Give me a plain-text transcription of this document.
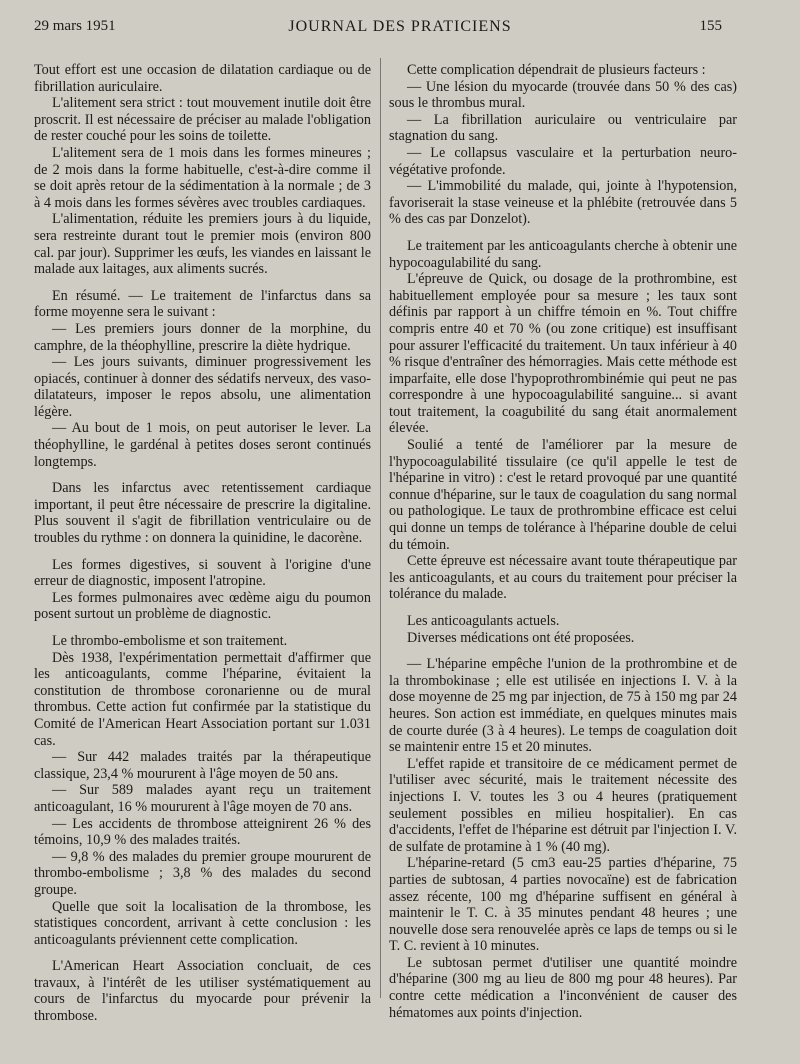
29 mars 1951	JOURNAL DES PRATICIENS	155

Tout effort est une occasion de dilatation cardiaque ou de fibrillation auriculaire.

L'alitement sera strict : tout mouvement inutile doit être proscrit. Il est nécessaire de préciser au malade l'obligation de rester couché pour les soins de toilette.

L'alitement sera de 1 mois dans les formes mineures ; de 2 mois dans la forme habituelle, c'est-à-dire comme il se doit après retour de la sédimentation à la normale ; de 3 à 4 mois dans les formes sévères avec troubles cardiaques.

L'alimentation, réduite les premiers jours à du liquide, sera restreinte durant tout le premier mois (environ 800 cal. par jour). Supprimer les œufs, les viandes en laissant le malade aux laitages, aux aliments sucrés.

En résumé. — Le traitement de l'infarctus dans sa forme moyenne sera le suivant :

— Les premiers jours donner de la morphine, du camphre, de la théophylline, prescrire la diète hydrique.

— Les jours suivants, diminuer progressivement les opiacés, continuer à donner des sédatifs nerveux, des vaso-dilatateurs, imposer le repos absolu, une alimentation légère.

— Au bout de 1 mois, on peut autoriser le lever. La théophylline, le gardénal à petites doses seront continués longtemps.

Dans les infarctus avec retentissement cardiaque important, il peut être nécessaire de prescrire la digitaline. Plus souvent il s'agit de fibrillation ventriculaire ou de troubles du rythme : on donnera la quinidine, le dacorène.

Les formes digestives, si souvent à l'origine d'une erreur de diagnostic, imposent l'atropine.

Les formes pulmonaires avec œdème aigu du poumon posent surtout un problème de diagnostic.

Le thrombo-embolisme et son traitement.

Dès 1938, l'expérimentation permettait d'affirmer que les anticoagulants, comme l'héparine, évitaient la constitution de thrombose coronarienne ou de mural thrombus. Cette action fut confirmée par la statistique du Comité de l'American Heart Association portant sur 1.031 cas.

— Sur 442 malades traités par la thérapeutique classique, 23,4 % moururent à l'âge moyen de 50 ans.

— Sur 589 malades ayant reçu un traitement anticoagulant, 16 % moururent à l'âge moyen de 70 ans.

— Les accidents de thrombose atteignirent 26 % des témoins, 10,9 % des malades traités.

— 9,8 % des malades du premier groupe moururent de thrombo-embolisme ; 3,8 % des malades du second groupe.

Quelle que soit la localisation de la thrombose, les statistiques concordent, arrivant à cette conclusion : les anticoagulants préviennent cette complication.

L'American Heart Association concluait, de ces travaux, à l'intérêt de les utiliser systématiquement au cours de l'infarctus du myocarde pour prévenir la thrombose.

Cette complication dépendrait de plusieurs facteurs :

— Une lésion du myocarde (trouvée dans 50 % des cas) sous le thrombus mural.

— La fibrillation auriculaire ou ventriculaire par stagnation du sang.

— Le collapsus vasculaire et la perturbation neuro-végétative profonde.

— L'immobilité du malade, qui, jointe à l'hypotension, favoriserait la stase veineuse et la phlébite (retrouvée dans 5 % des cas par Donzelot).

Le traitement par les anticoagulants cherche à obtenir une hypocoagulabilité du sang.

L'épreuve de Quick, ou dosage de la prothrombine, est habituellement employée pour sa mesure ; les taux sont définis par rapport à un chiffre témoin en %. Tout chiffre compris entre 40 et 70 % (ou zone critique) est insuffisant pour assurer l'efficacité du traitement. Un taux inférieur à 40 % risque d'entraîner des hémorragies. Mais cette méthode est imparfaite, elle dose l'hypoprothrombinémie qui peut ne pas correspondre à une hypocoagulabilité sanguine... si avant tout traitement, la coagubilité du sang était anormalement élevée.

Soulié a tenté de l'améliorer par la mesure de l'hypocoagulabilité tissulaire (ce qu'il appelle le test de l'héparine in vitro) : c'est le retard provoqué par une quantité connue d'héparine, sur le taux de coagulation du sang normal ou pathologique. Le taux de prothrombine efficace est celui qui donne un temps de tolérance à l'héparine double de celui du témoin.

Cette épreuve est nécessaire avant toute thérapeutique par les anticoagulants, et au cours du traitement pour préciser la tolérance du malade.

Les anticoagulants actuels.

Diverses médications ont été proposées.

— L'héparine empêche l'union de la prothrombine et de la thrombokinase ; elle est utilisée en injections I. V. à la dose moyenne de 25 mg par injection, de 75 à 150 mg par 24 heures. Son action est immédiate, en quelques minutes mais de courte durée (3 à 4 heures). Le temps de coagulation doit se maintenir entre 15 et 20 minutes.

L'effet rapide et transitoire de ce médicament permet de l'utiliser avec sécurité, mais le traitement nécessite des injections I. V. toutes les 3 ou 4 heures (pratiquement seulement possibles en milieu hospitalier). En cas d'accidents, l'effet de l'héparine est détruit par l'injection I. V. de sulfate de protamine à 1 % (40 mg).

L'héparine-retard (5 cm3 eau-25 parties d'héparine, 75 parties de subtosan, 4 parties novocaïne) est de fabrication assez récente, 100 mg d'héparine suffisent en général à maintenir le T. C. à 35 minutes pendant 48 heures ; une nouvelle dose sera renouvelée après ce laps de temps ou si le T. C. revient à 10 minutes.

Le subtosan permet d'utiliser une quantité moindre d'héparine (300 mg au lieu de 800 mg pour 48 heures). Par contre cette médication a l'inconvénient de causer des hématomes aux points d'injection.
